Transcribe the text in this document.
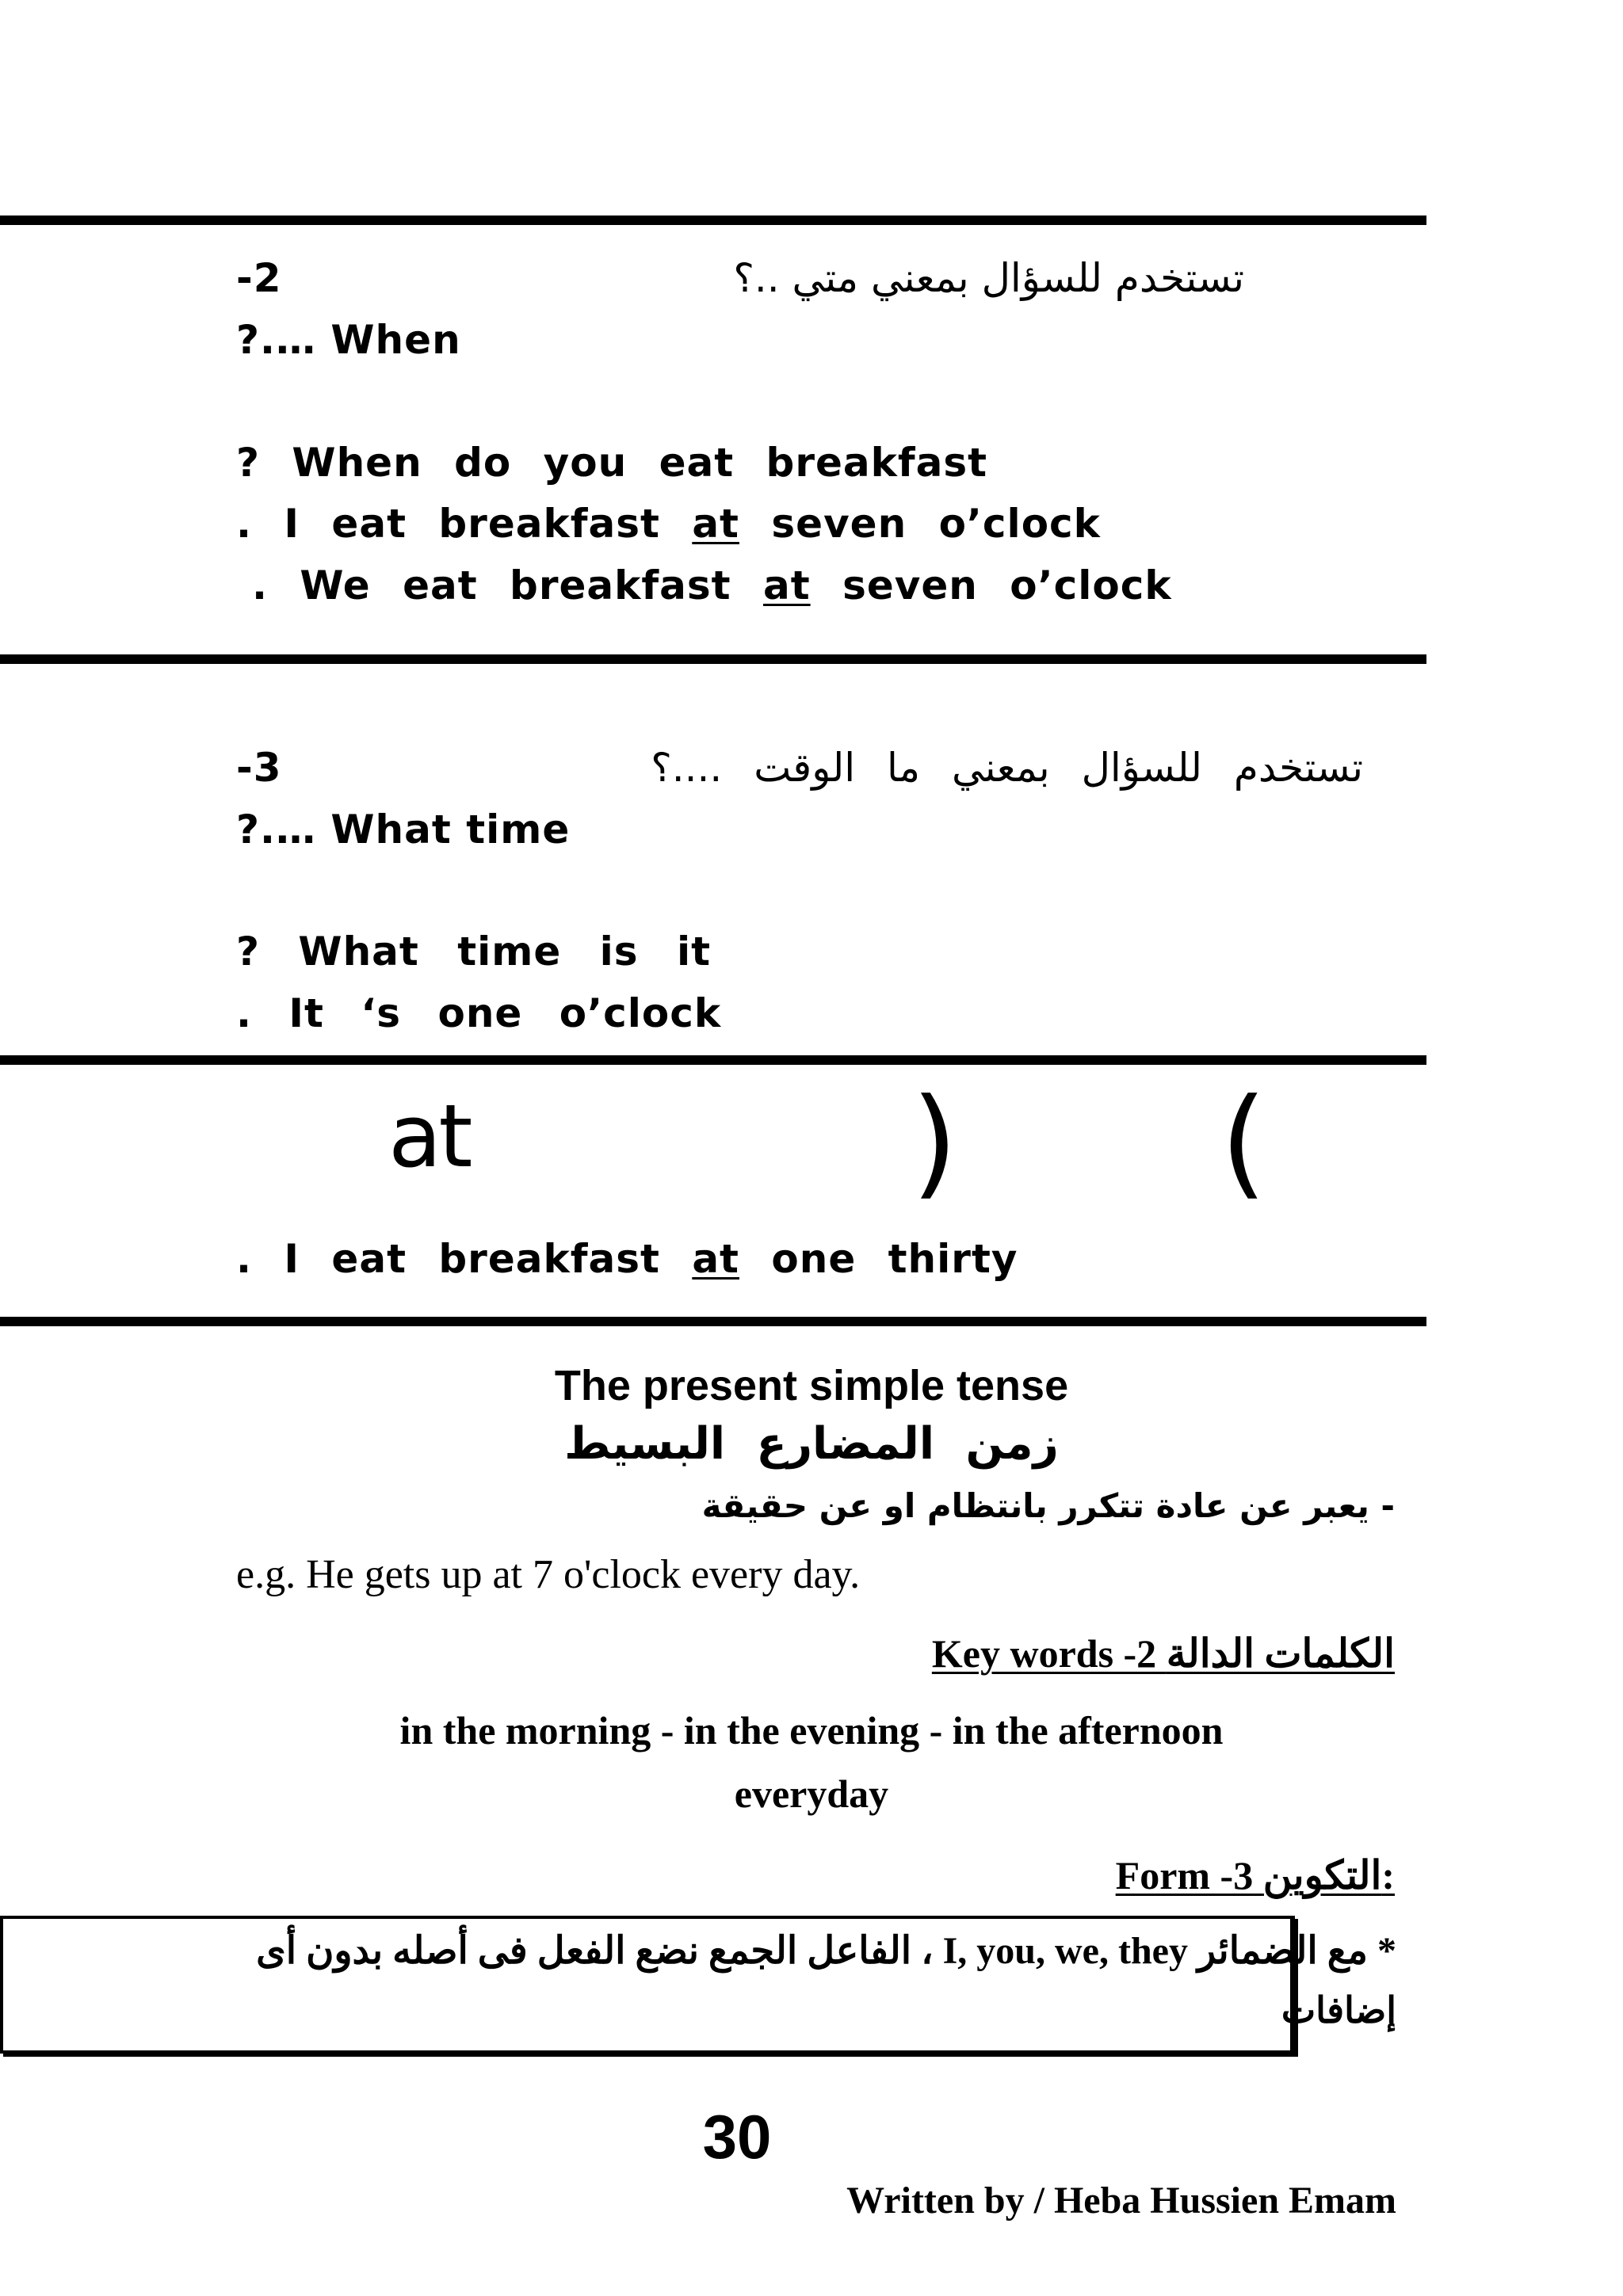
-2	تستخدم للسؤال بمعني متي ..؟
?.… When
? When do you eat breakfast
. I eat breakfast at seven o’clock
. We eat breakfast at seven o’clock
-3	تستخدم للسؤال بمعني ما الوقت ....؟
?.… What time
? What time is it
. It ‘s one o’clock
at	) (
. I eat breakfast at one thirty
The present simple tense
زمن المضارع البسيط
- يعبر عن عادة تتكرر بانتظام او عن حقيقة
e.g. He gets up at 7 o'clock every day.
Key words -2 الكلمات الدالة
in the morning - in the evening - in the afternoon
everyday
Form -3 التكوين:
* مع الضمائر I, you, we, they ، الفاعل الجمع نضع الفعل فى أصله بدون أى
إضافات
30
Written by / Heba Hussien Emam
